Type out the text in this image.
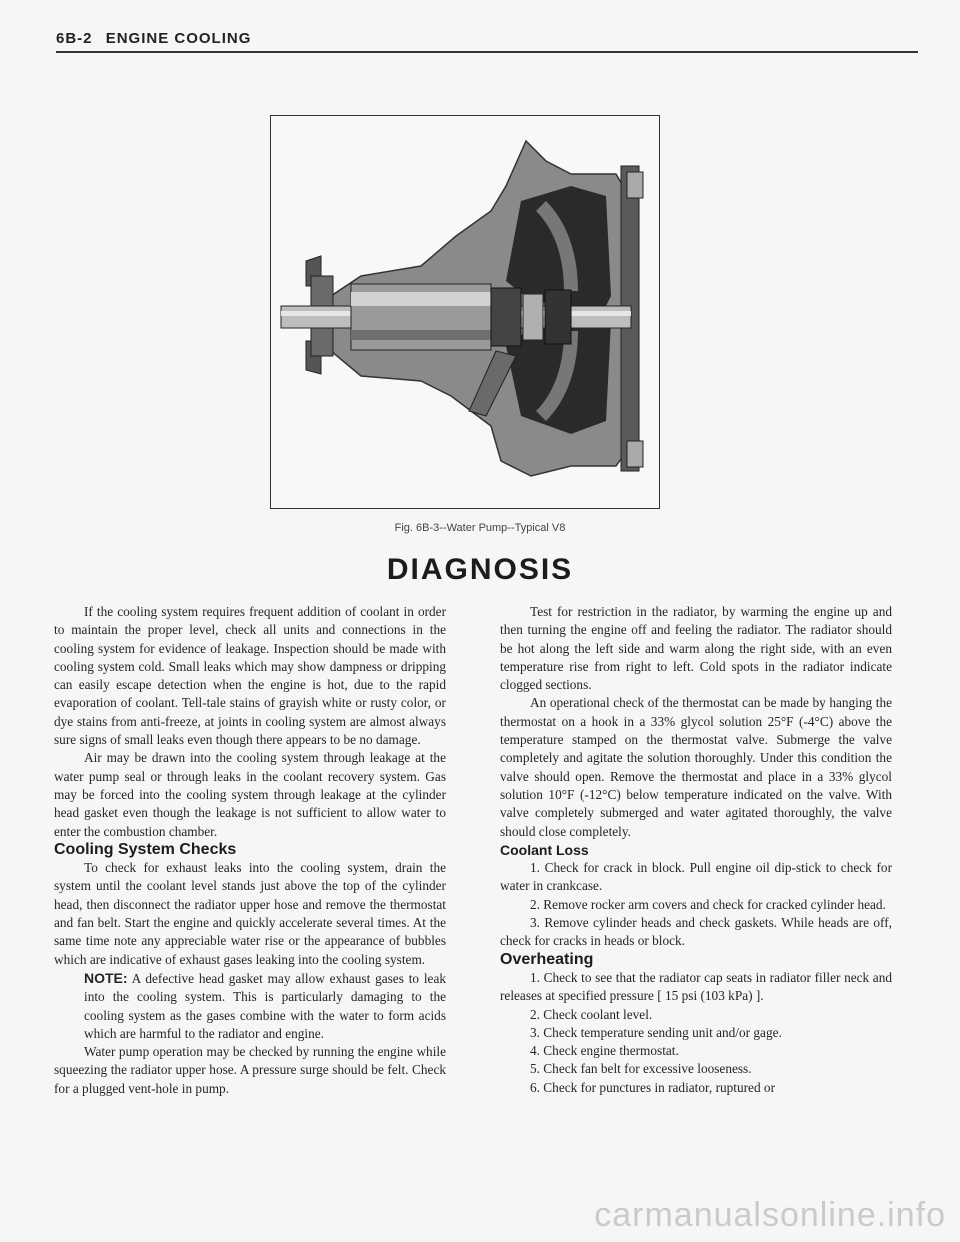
6B-2 ENGINE COOLING
Fig. 6B-3--Water Pump--Typical V8
DIAGNOSIS

If the cooling system requires frequent addition of coolant in order to maintain the proper level, check all units and connections in the cooling system for evidence of leakage. Inspection should be made with cooling system cold. Small leaks which may show dampness or dripping can easily escape detection when the engine is hot, due to the rapid evaporation of coolant. Tell-tale stains of grayish white or rusty color, or dye stains from anti-freeze, at joints in cooling system are almost always sure signs of small leaks even though there appears to be no damage.

Air may be drawn into the cooling system through leakage at the water pump seal or through leaks in the coolant recovery system. Gas may be forced into the cooling system through leakage at the cylinder head gasket even though the leakage is not sufficient to allow water to enter the combustion chamber.

Cooling System Checks

To check for exhaust leaks into the cooling system, drain the system until the coolant level stands just above the top of the cylinder head, then disconnect the radiator upper hose and remove the thermostat and fan belt. Start the engine and quickly accelerate several times. At the same time note any appreciable water rise or the appearance of bubbles which are indicative of exhaust gases leaking into the cooling system.

NOTE: A defective head gasket may allow exhaust gases to leak into the cooling system. This is particularly damaging to the cooling system as the gases combine with the water to form acids which are harmful to the radiator and engine.

Water pump operation may be checked by running the engine while squeezing the radiator upper hose. A pressure surge should be felt. Check for a plugged vent-hole in pump.

Test for restriction in the radiator, by warming the engine up and then turning the engine off and feeling the radiator. The radiator should be hot along the left side and warm along the right side, with an even temperature rise from right to left. Cold spots in the radiator indicate clogged sections.

An operational check of the thermostat can be made by hanging the thermostat on a hook in a 33% glycol solution 25°F (-4°C) above the temperature stamped on the thermostat valve. Submerge the valve completely and agitate the solution thoroughly. Under this condition the valve should open. Remove the thermostat and place in a 33% glycol solution 10°F (-12°C) below temperature indicated on the valve. With valve completely submerged and water agitated thoroughly, the valve should close completely.

Coolant Loss

1. Check for crack in block. Pull engine oil dip-stick to check for water in crankcase.

2. Remove rocker arm covers and check for cracked cylinder head.

3. Remove cylinder heads and check gaskets. While heads are off, check for cracks in heads or block.

Overheating

1. Check to see that the radiator cap seats in radiator filler neck and releases at specified pressure [ 15 psi (103 kPa) ].

2. Check coolant level.

3. Check temperature sending unit and/or gage.

4. Check engine thermostat.

5. Check fan belt for excessive looseness.

6. Check for punctures in radiator, ruptured or

carmanualsonline.info
